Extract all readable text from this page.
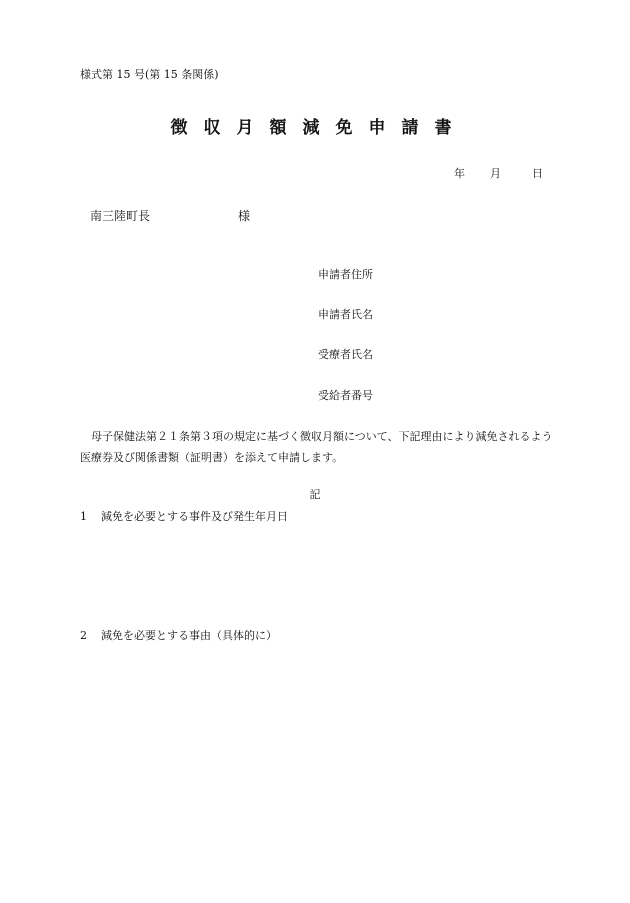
様式第 15 号(第 15 条関係)
徴収月額減免申請書
年 月	日
南三陸町長	様
申請者住所
申請者氏名
受療者氏名
受給者番号
母子保健法第２１条第３項の規定に基づく徴収月額について、下記理由により減免されるよう
医療券及び関係書類（証明書）を添えて申請します。
記
1 減免を必要とする事件及び発生年月日
2 減免を必要とする事由（具体的に）
